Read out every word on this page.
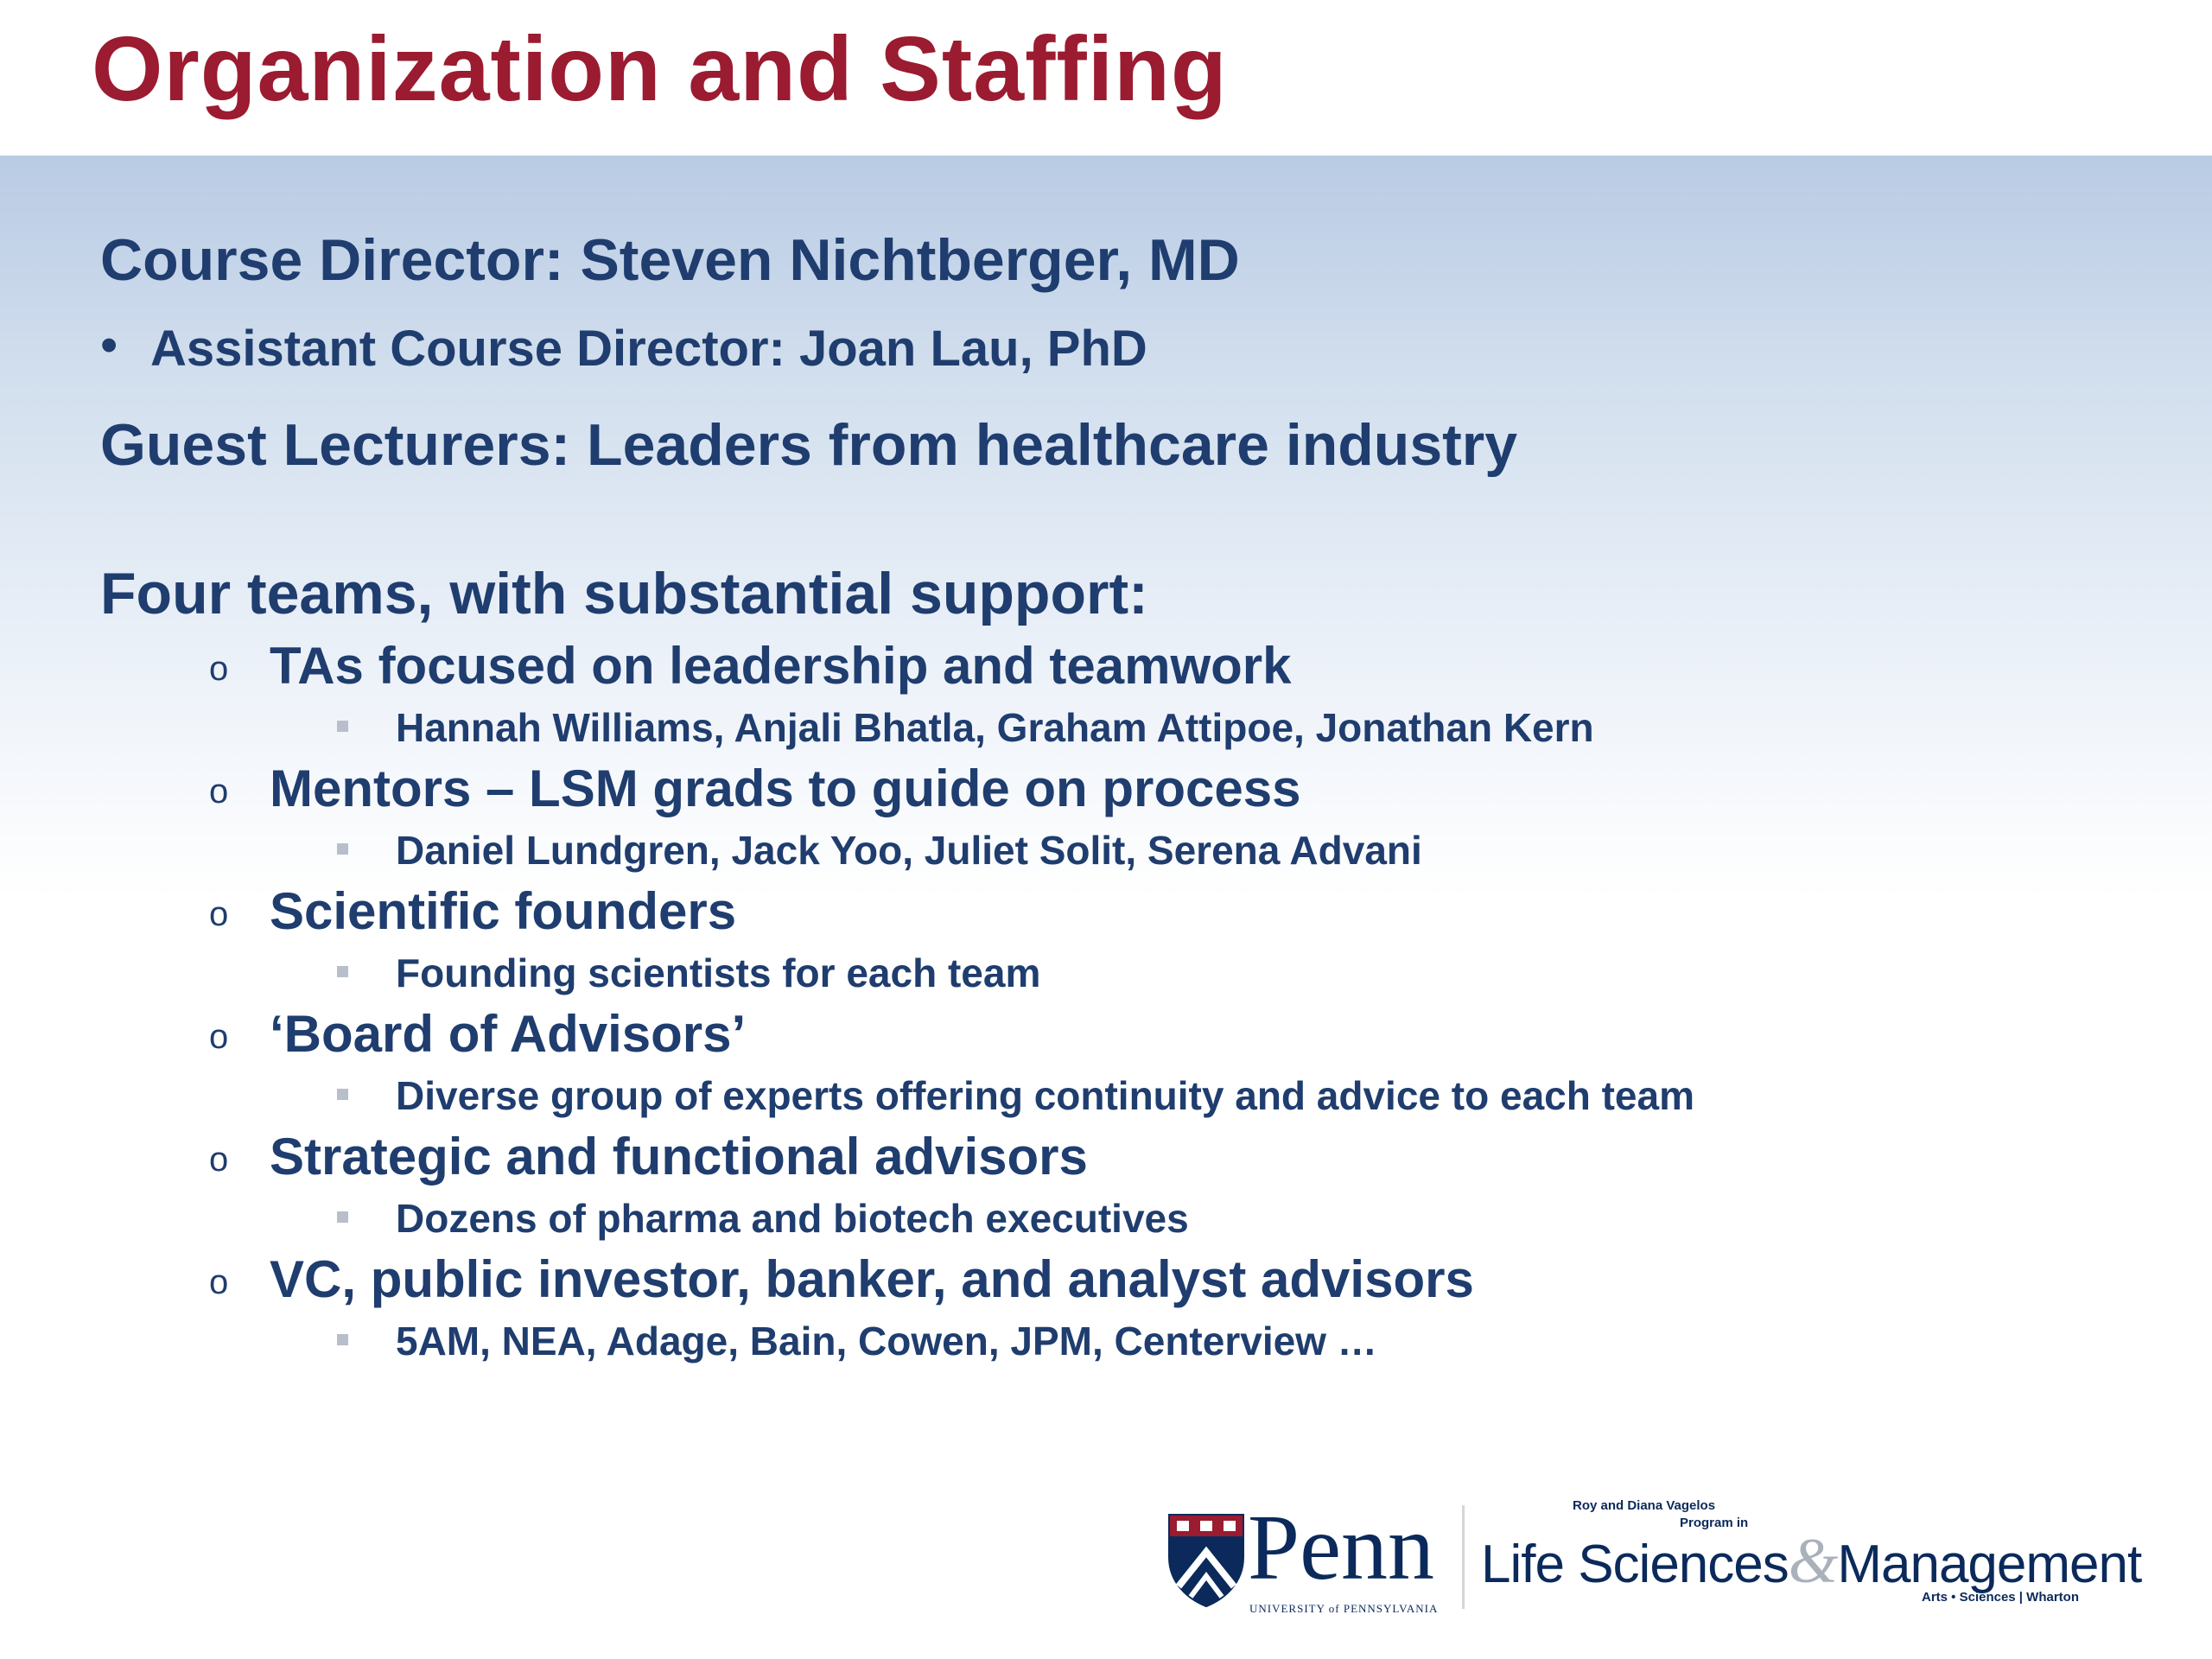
Organization and Staffing
Course Director: Steven Nichtberger, MD
• Assistant Course Director: Joan Lau, PhD
Guest Lecturers: Leaders from healthcare industry
Four teams, with substantial support:
o TAs focused on leadership and teamwork
Hannah Williams, Anjali Bhatla, Graham Attipoe, Jonathan Kern
o Mentors – LSM grads to guide on process
Daniel Lundgren, Jack Yoo, Juliet Solit, Serena Advani
o Scientific founders
Founding scientists for each team
o ‘Board of Advisors’
Diverse group of experts offering continuity and advice to each team
o Strategic and functional advisors
Dozens of pharma and biotech executives
o VC, public investor, banker, and analyst advisors
5AM, NEA, Adage, Bain, Cowen, JPM, Centerview …
Penn
UNIVERSITY of PENNSYLVANIA
Roy and Diana Vagelos
Program in
Life Sciences&Management
Arts • Sciences | Wharton
